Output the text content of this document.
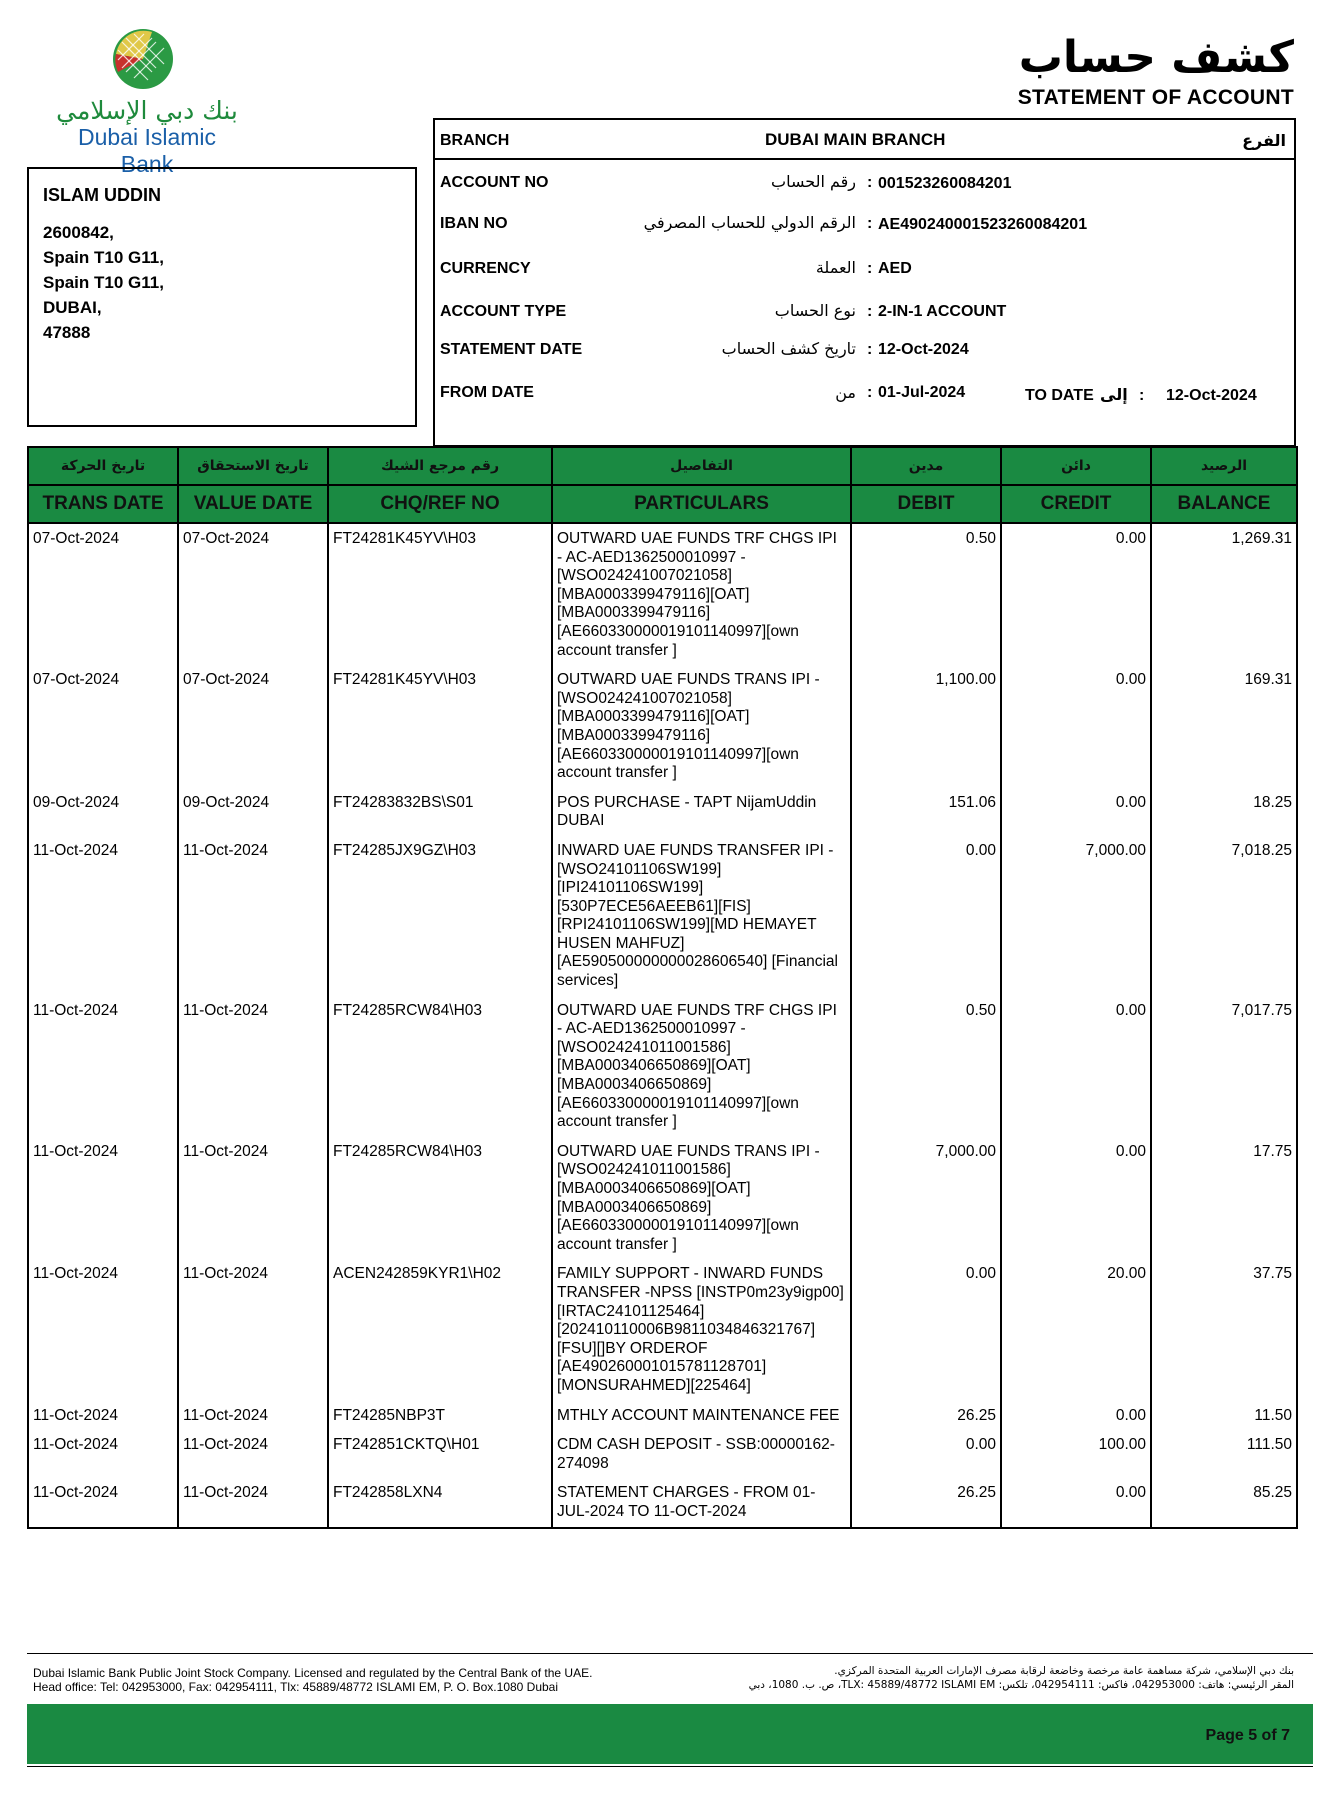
بنك دبي الإسلامي
Dubai Islamic Bank
كشف حساب
STATEMENT OF ACCOUNT
ISLAM UDDIN
2600842,
Spain T10 G11,
Spain T10 G11,
DUBAI,
47888
BRANCH	DUBAI MAIN BRANCH	الفرع
ACCOUNT NO	رقم الحساب : 001523260084201
IBAN NO	الرقم الدولي للحساب المصرفي : AE490240001523260084201
CURRENCY	العملة : AED
ACCOUNT TYPE	نوع الحساب : 2-IN-1 ACCOUNT
STATEMENT DATE	تاريخ كشف الحساب : 12-Oct-2024
FROM DATE	من : 01-Jul-2024	TO DATE إلى : 12-Oct-2024
تاريخ الحركة	تاريخ الاستحقاق	رقم مرجع الشيك	التفاصيل	مدين	دائن	الرصيد
TRANS DATE	VALUE DATE	CHQ/REF NO	PARTICULARS	DEBIT	CREDIT	BALANCE
07-Oct-2024	07-Oct-2024	FT24281K45YV\H03	OUTWARD UAE FUNDS TRF CHGS IPI - AC-AED1362500010997 - [WSO024241007021058] [MBA0003399479116][OAT] [MBA0003399479116] [AE660330000019101140997][own account transfer ]	0.50	0.00	1,269.31
07-Oct-2024	07-Oct-2024	FT24281K45YV\H03	OUTWARD UAE FUNDS TRANS IPI - [WSO024241007021058] [MBA0003399479116][OAT] [MBA0003399479116] [AE660330000019101140997][own account transfer ]	1,100.00	0.00	169.31
09-Oct-2024	09-Oct-2024	FT24283832BS\S01	POS PURCHASE - TAPT NijamUddin DUBAI	151.06	0.00	18.25
11-Oct-2024	11-Oct-2024	FT24285JX9GZ\H03	INWARD UAE FUNDS TRANSFER IPI - [WSO24101106SW199] [IPI24101106SW199] [530P7ECE56AEEB61][FIS] [RPI24101106SW199][MD HEMAYET HUSEN MAHFUZ] [AE590500000000028606540] [Financial services]	0.00	7,000.00	7,018.25
11-Oct-2024	11-Oct-2024	FT24285RCW84\H03	OUTWARD UAE FUNDS TRF CHGS IPI - AC-AED1362500010997 - [WSO024241011001586] [MBA0003406650869][OAT] [MBA0003406650869] [AE660330000019101140997][own account transfer ]	0.50	0.00	7,017.75
11-Oct-2024	11-Oct-2024	FT24285RCW84\H03	OUTWARD UAE FUNDS TRANS IPI - [WSO024241011001586] [MBA0003406650869][OAT] [MBA0003406650869] [AE660330000019101140997][own account transfer ]	7,000.00	0.00	17.75
11-Oct-2024	11-Oct-2024	ACEN242859KYR1\H02	FAMILY SUPPORT - INWARD FUNDS TRANSFER -NPSS [INSTP0m23y9igp00] [IRTAC24101125464] [202410110006B9811034846321767] [FSU][]BY ORDEROF [AE490260001015781128701] [MONSURAHMED][225464]	0.00	20.00	37.75
11-Oct-2024	11-Oct-2024	FT24285NBP3T	MTHLY ACCOUNT MAINTENANCE FEE	26.25	0.00	11.50
11-Oct-2024	11-Oct-2024	FT242851CKTQ\H01	CDM CASH DEPOSIT - SSB:00000162-274098	0.00	100.00	111.50
11-Oct-2024	11-Oct-2024	FT242858LXN4	STATEMENT CHARGES - FROM 01-JUL-2024 TO 11-OCT-2024	26.25	0.00	85.25
Dubai Islamic Bank Public Joint Stock Company. Licensed and regulated by the Central Bank of the UAE.
Head office: Tel: 042953000, Fax: 042954111, Tlx: 45889/48772 ISLAMI EM, P. O. Box.1080 Dubai
بنك دبي الإسلامي، شركة مساهمة عامة مرخصة وخاضعة لرقابة مصرف الإمارات العربية المتحدة المركزي.
المقر الرئيسي: هاتف: 042953000، فاكس: 042954111، تلكس: TLX: 45889/48772 ISLAMI EM، ص. ب. 1080، دبي
Page 5 of 7
